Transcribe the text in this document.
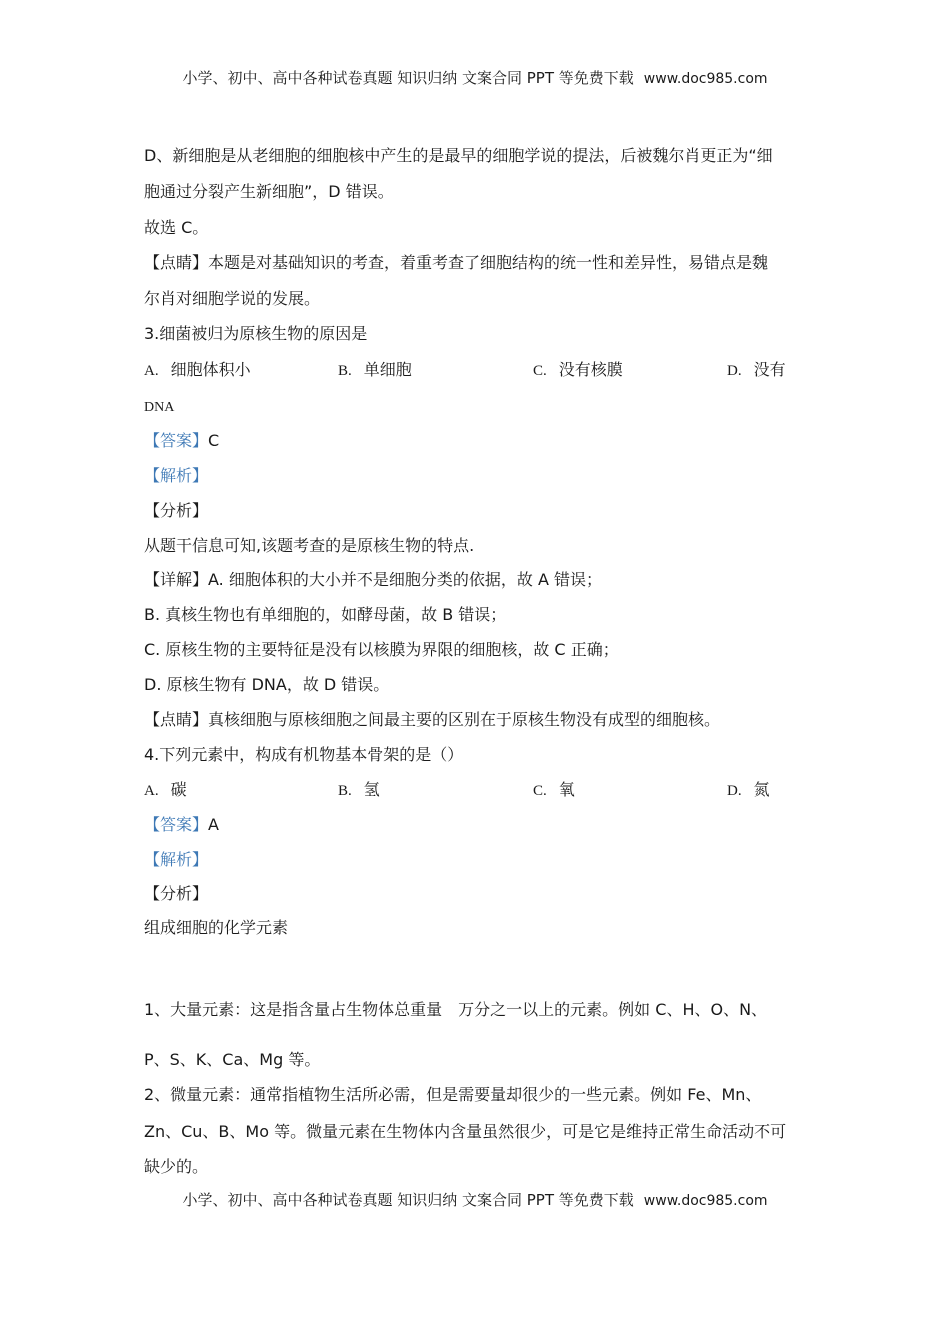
小学、初中、高中各种试卷真题 知识归纳 文案合同 PPT 等免费下载 www.doc985.com
D、新细胞是从老细胞的细胞核中产生的是最早的细胞学说的提法，后被魏尔肖更正为“细
胞通过分裂产生新细胞”，D 错误。
故选 C。
【点睛】本题是对基础知识的考查，着重考查了细胞结构的统一性和差异性，易错点是魏
尔肖对细胞学说的发展。
3.细菌被归为原核生物的原因是
A. 细胞体积小	B. 单细胞	C. 没有核膜	D. 没有
DNA
【答案】C
【解析】
【分析】
从题干信息可知,该题考查的是原核生物的特点.
【详解】A. 细胞体积的大小并不是细胞分类的依据，故 A 错误；
B. 真核生物也有单细胞的，如酵母菌，故 B 错误；
C. 原核生物的主要特征是没有以核膜为界限的细胞核，故 C 正确；
D. 原核生物有 DNA，故 D 错误。
【点睛】真核细胞与原核细胞之间最主要的区别在于原核生物没有成型的细胞核。
4.下列元素中，构成有机物基本骨架的是（）
A. 碳	B. 氢	C. 氧	D. 氮
【答案】A
【解析】
【分析】
组成细胞的化学元素
1、大量元素：这是指含量占生物体总重量　万分之一以上的元素。例如 C、H、O、N、
P、S、K、Ca、Mg 等。
2、微量元素：通常指植物生活所必需，但是需要量却很少的一些元素。例如 Fe、Mn、
Zn、Cu、B、Mo 等。微量元素在生物体内含量虽然很少，可是它是维持正常生命活动不可
缺少的。
小学、初中、高中各种试卷真题 知识归纳 文案合同 PPT 等免费下载 www.doc985.com
